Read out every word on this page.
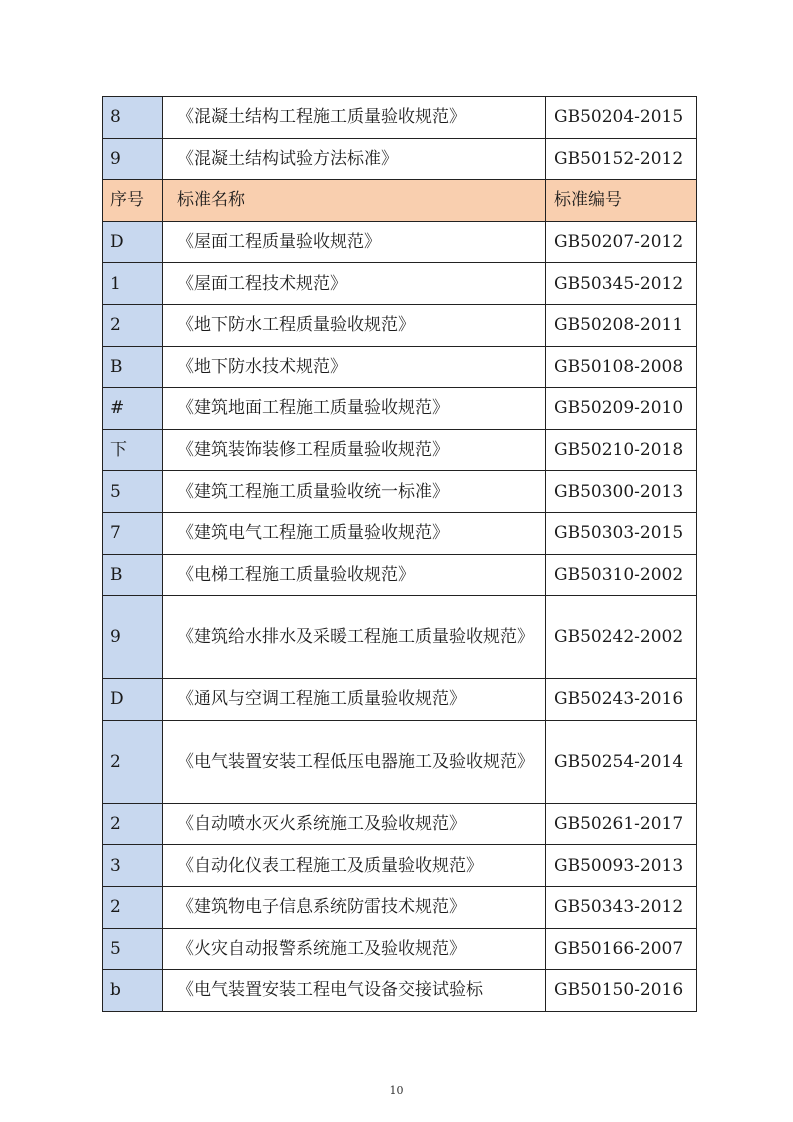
8	《混凝土结构工程施工质量验收规范》	GB50204-2015
9	《混凝土结构试验方法标准》	GB50152-2012
序号	标准名称	标准编号
D	《屋面工程质量验收规范》	GB50207-2012
1	《屋面工程技术规范》	GB50345-2012
2	《地下防水工程质量验收规范》	GB50208-2011
B	《地下防水技术规范》	GB50108-2008
#	《建筑地面工程施工质量验收规范》	GB50209-2010
下	《建筑装饰装修工程质量验收规范》	GB50210-2018
5	《建筑工程施工质量验收统一标准》	GB50300-2013
7	《建筑电气工程施工质量验收规范》	GB50303-2015
B	《电梯工程施工质量验收规范》	GB50310-2002
9	《建筑给水排水及采暖工程施工质量验收规范》	GB50242-2002
D	《通风与空调工程施工质量验收规范》	GB50243-2016
2	《电气装置安装工程低压电器施工及验收规范》	GB50254-2014
2	《自动喷水灭火系统施工及验收规范》	GB50261-2017
3	《自动化仪表工程施工及质量验收规范》	GB50093-2013
2	《建筑物电子信息系统防雷技术规范》	GB50343-2012
5	《火灾自动报警系统施工及验收规范》	GB50166-2007
b	《电气装置安装工程电气设备交接试验标	GB50150-2016
10
